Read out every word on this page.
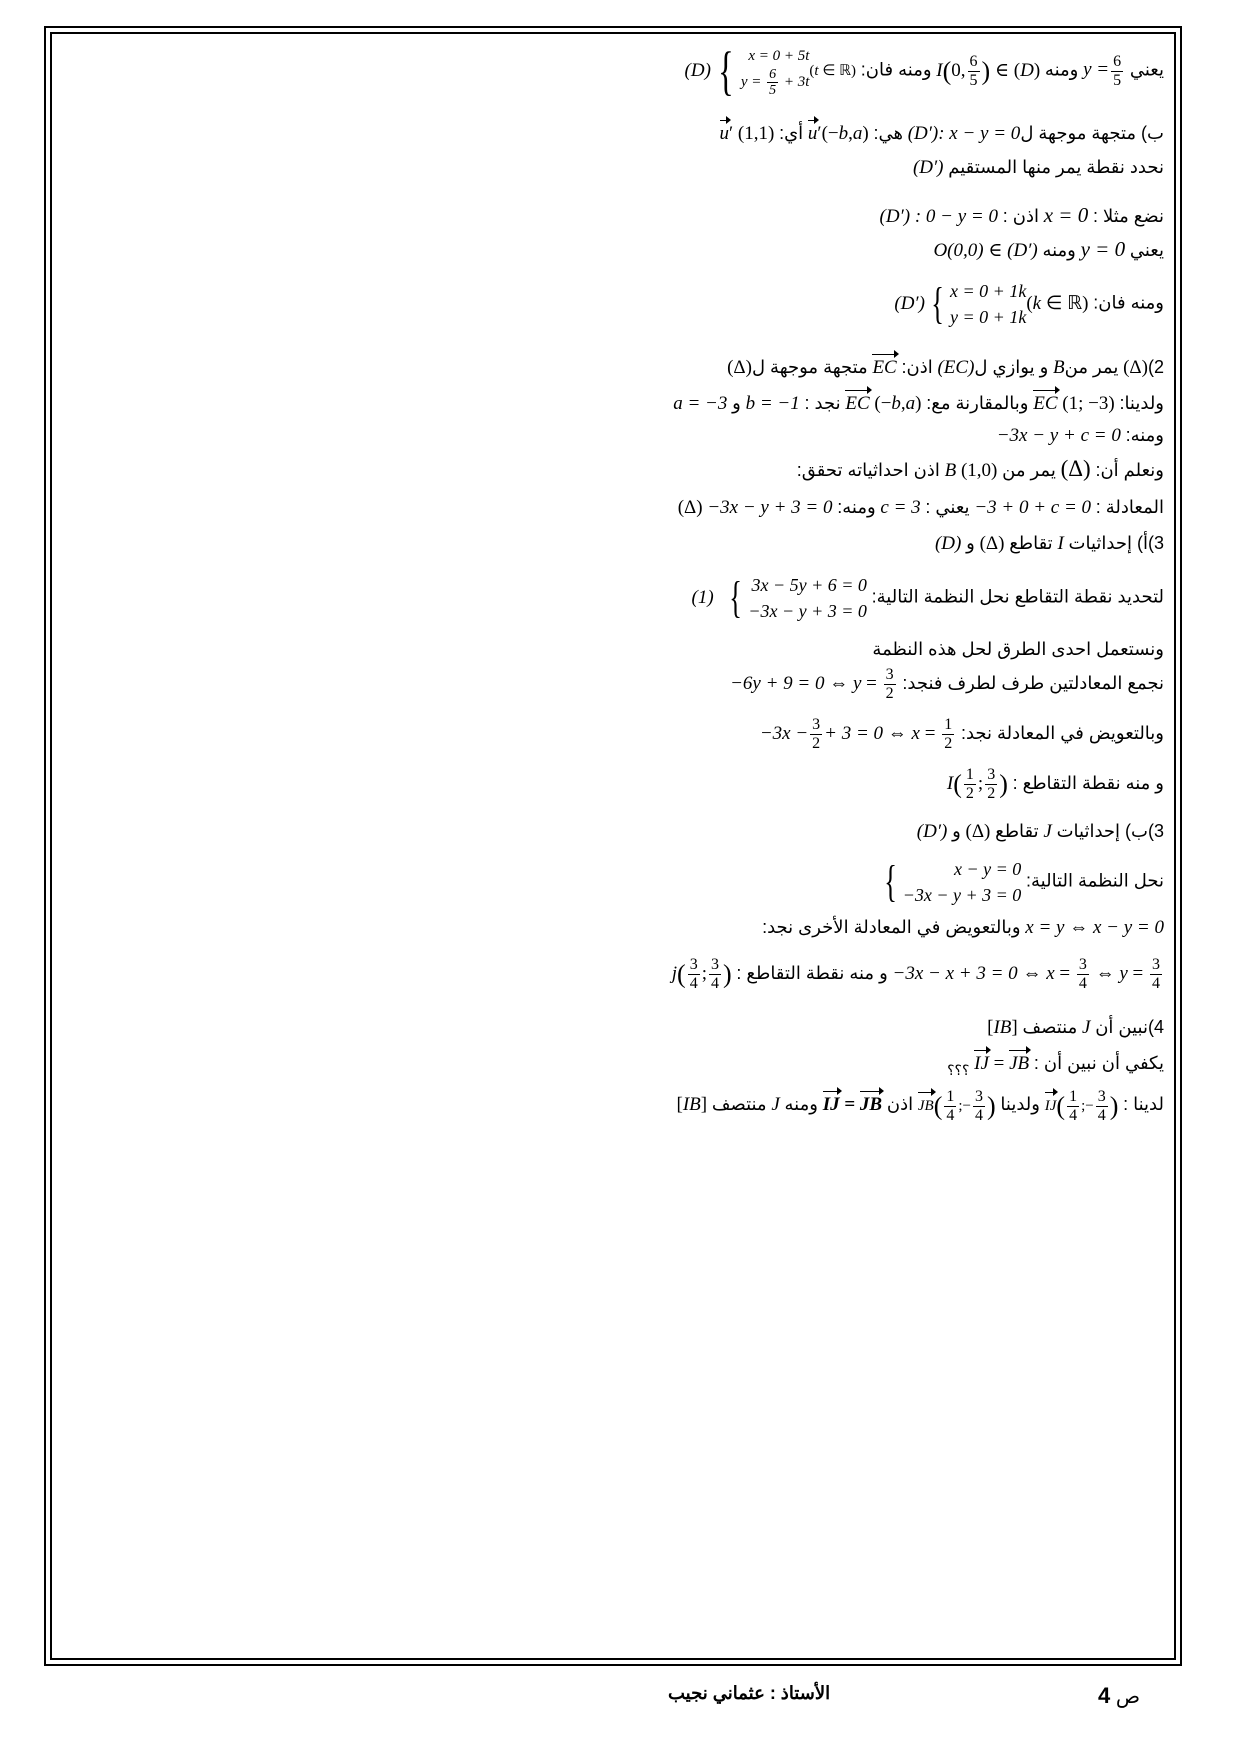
يعني
$\frac{6}{5}$
y = ومنه I(0, $\frac{6}{5}$ ) ∈ (D) ومنه فان: ( D ) { x = 0 + 5t
$y = \frac{6}{5} + 3t$
(t ∈ ℝ)
ب) متجهة موجهة ل(D′): x − y = 0 هي: u′(−b,a) أي: u′ (1,1)
نحدد نقطة يمر منها المستقيم (D′)
نضع مثلا : x = 0 اذن : (D′) : 0 − y = 0
يعني y = 0 ومنه O(0,0) ∈ (D′)
ومنه فان: ( D′ ) { x = 0 + 1k
y = 0 + 1k
(k ∈ ℝ)
2)(Δ) يمر منB و يوازي ل(EC) اذن: EC متجهة موجهة ل(Δ)
ولدينا: EC (1; −3) وبالمقارنة مع: EC (−b,a) نجد : b = −1 و a = −3
ومنه: −3x − y + c = 0
ونعلم أن: (Δ) يمر من B (1,0) اذن احداثياته تحقق:
المعادلة : −3 + 0 + c = 0 يعني : c = 3 ومنه: (Δ) −3x − y + 3 = 0
3)أ) إحداثيات I تقاطع (Δ) و (D)
لتحديد نقطة التقاطع نحل النظمة التالية: (1) { 3x − 5y + 6 = 0
−3x − y + 3 = 0
ونستعمل احدى الطرق لحل هذه النظمة
نجمع المعادلتين طرف لطرف فنجد: −6y + 9 = 0 ⇔ $y = \frac{3}{2}$
وبالتعويض في المعادلة نجد: $-3x - \frac{3}{2} + 3 = 0$ ⇔ $x = \frac{1}{2}$
و منه نقطة التقاطع : $I( \frac{1}{2}$ ; $\frac{3}{2}$ )
3)ب) إحداثيات J تقاطع (Δ) و (D′)
نحل النظمة التالية:
{	x − y = 0
−3x − y + 3 = 0
x − y = 0 ⇔ x = y وبالتعويض في المعادلة الأخرى نجد:
−3x − x + 3 = 0 ⇔ $x = \frac{3}{4}$ ⇔ $y = \frac{3}{4}$
و منه نقطة التقاطع : $j( \frac{3}{4}$ ; $\frac{3}{4}$ )
4)نبين أن J منتصف [IB]
يكفي أن نبين أن : IJ = JB $_{؟؟؟}$
لدينا : $IJ( \frac{1}{4}$ ;− $\frac{3}{4}$ ) ولدينا $JB( \frac{1}{4}$ ;− $\frac{3}{4}$ ) اذن IJ = JB ومنه J منتصف [IB]
ص 4
الأستاذ : عثماني نجيب
